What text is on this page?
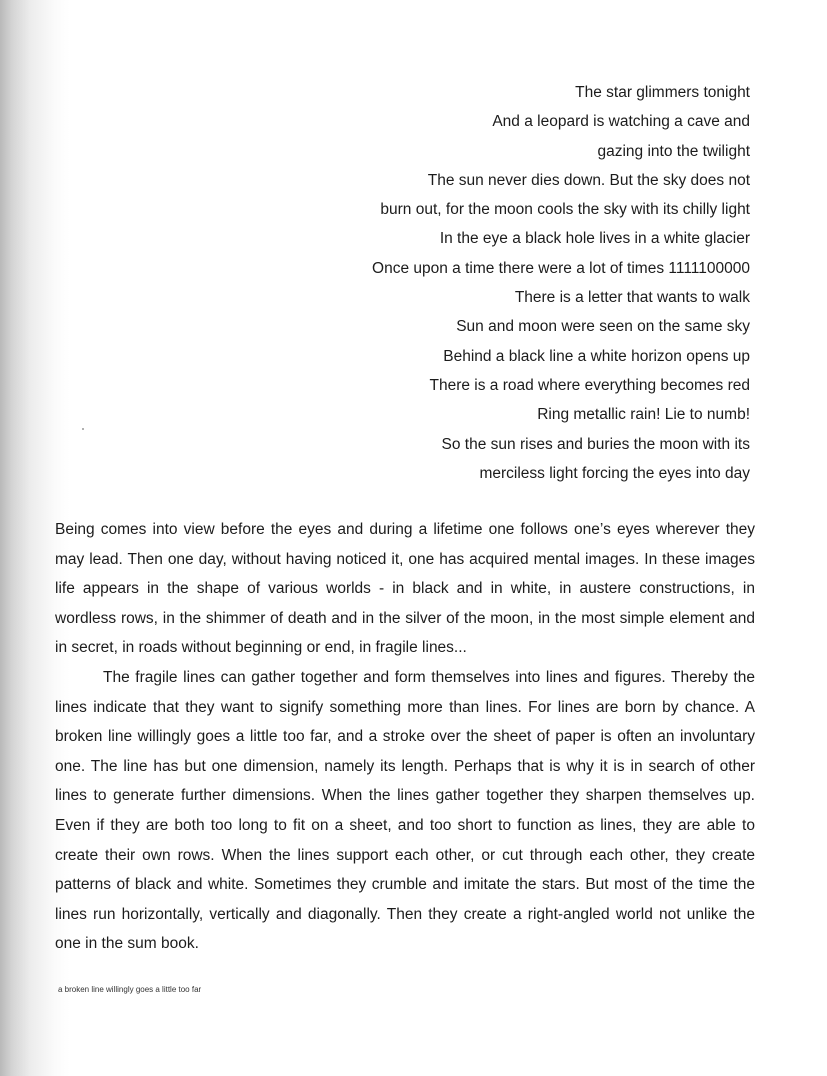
The star glimmers tonight
And a leopard is watching a cave and
gazing into the twilight
The sun never dies down. But the sky does not
burn out, for the moon cools the sky with its chilly light
In the eye a black hole lives in a white glacier
Once upon a time there were a lot of times 1111100000
There is a letter that wants to walk
Sun and moon were seen on the same sky
Behind a black line a white horizon opens up
There is a road where everything becomes red
Ring metallic rain! Lie to numb!
So the sun rises and buries the moon with its
merciless light forcing the eyes into day

Being comes into view before the eyes and during a lifetime one follows one’s eyes wherever they may lead. Then one day, without having noticed it, one has acquired mental images. In these images life appears in the shape of various worlds - in black and in white, in austere constructions, in wordless rows, in the shimmer of death and in the silver of the moon, in the most simple element and in secret, in roads without beginning or end, in fragile lines...

The fragile lines can gather together and form themselves into lines and figures. Thereby the lines indicate that they want to signify something more than lines. For lines are born by chance. A broken line willingly goes a little too far, and a stroke over the sheet of paper is often an involuntary one. The line has but one dimension, namely its length. Perhaps that is why it is in search of other lines to generate further dimensions. When the lines gather together they sharpen themselves up. Even if they are both too long to fit on a sheet, and too short to function as lines, they are able to create their own rows. When the lines support each other, or cut through each other, they create patterns of black and white. Sometimes they crumble and imitate the stars. But most of the time the lines run horizontally, vertically and diagonally. Then they create a right-angled world not unlike the one in the sum book.

a broken line willingly goes a little too far
